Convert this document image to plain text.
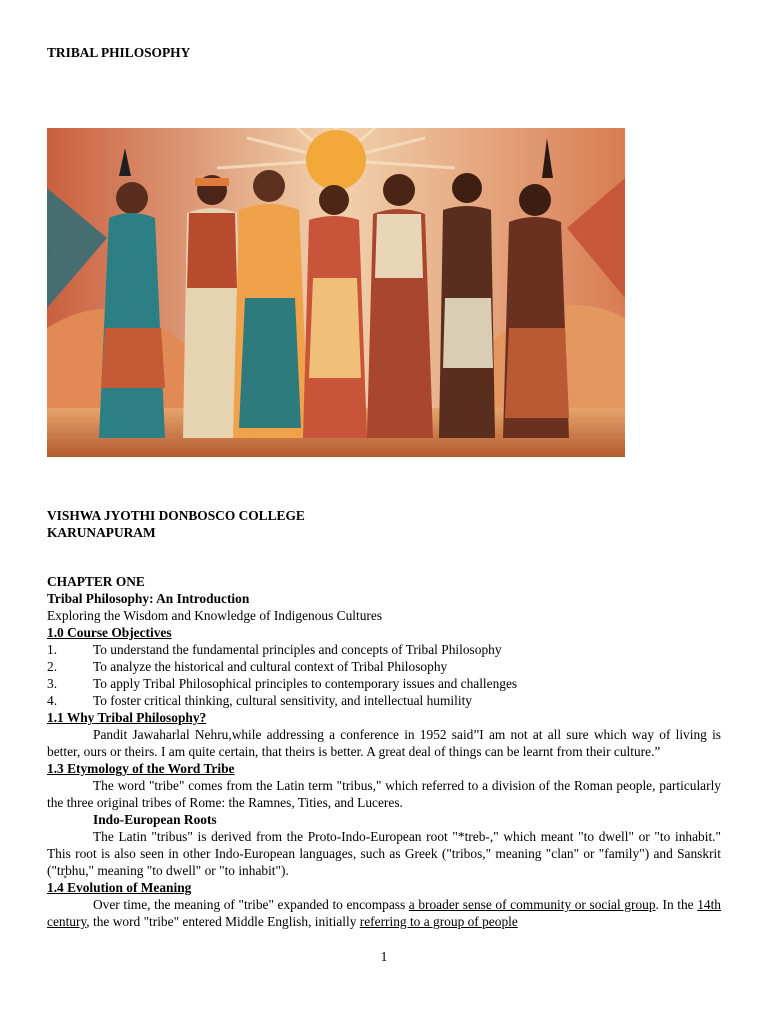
TRIBAL PHILOSOPHY
VISHWA JYOTHI DONBOSCO COLLEGE
KARUNAPURAM
CHAPTER ONE
Tribal Philosophy: An Introduction
Exploring the Wisdom and Knowledge of Indigenous Cultures
1.0 Course Objectives
1.	To understand the fundamental principles and concepts of Tribal Philosophy
2.	To analyze the historical and cultural context of Tribal Philosophy
3.	To apply Tribal Philosophical principles to contemporary issues and challenges
4.	To foster critical thinking, cultural sensitivity, and intellectual humility
1.1 Why Tribal Philosophy?
Pandit Jawaharlal Nehru,while addressing a conference in 1952 said”I am not at all sure which way of living is better, ours or theirs. I am quite certain, that theirs is better. A great deal of things can be learnt from their culture.”
1.3 Etymology of the Word Tribe
The word "tribe" comes from the Latin term "tribus," which referred to a division of the Roman people, particularly the three original tribes of Rome: the Ramnes, Tities, and Luceres.
Indo-European Roots
The Latin "tribus" is derived from the Proto-Indo-European root "*treb-," which meant "to dwell" or "to inhabit." This root is also seen in other Indo-European languages, such as Greek ("tribos," meaning "clan" or "family") and Sanskrit ("tr̥bhu," meaning "to dwell" or "to inhabit").
1.4 Evolution of Meaning
Over time, the meaning of "tribe" expanded to encompass a broader sense of community or social group. In the 14th century, the word "tribe" entered Middle English, initially referring to a group of people
1
